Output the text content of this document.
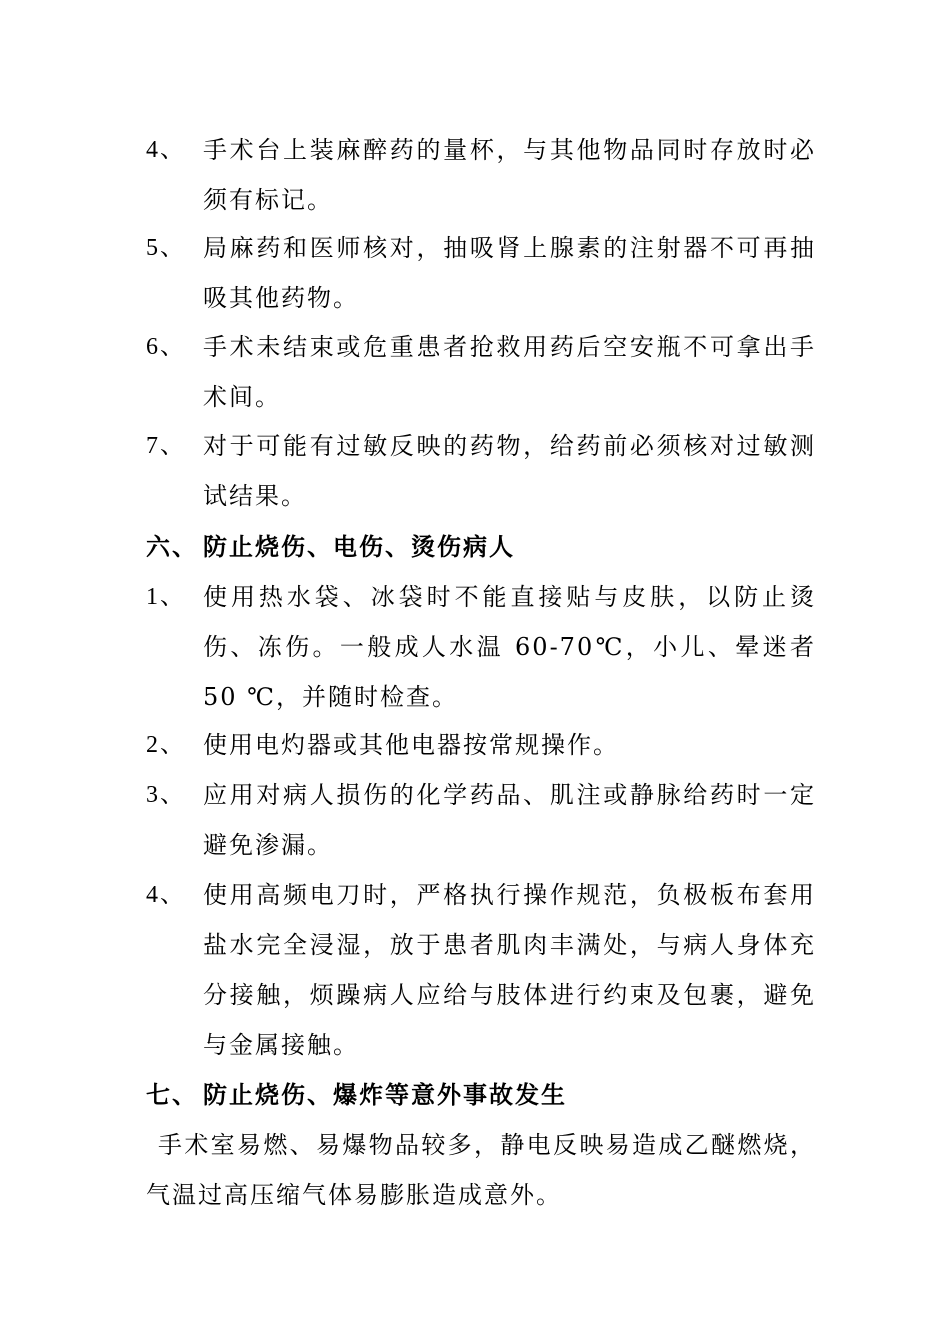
4、 手术台上装麻醉药的量杯，与其他物品同时存放时必须有标记。
5、 局麻药和医师核对，抽吸肾上腺素的注射器不可再抽吸其他药物。
6、 手术未结束或危重患者抢救用药后空安瓶不可拿出手术间。
7、 对于可能有过敏反映的药物，给药前必须核对过敏测试结果。
六、 防止烧伤、电伤、烫伤病人
1、 使用热水袋、冰袋时不能直接贴与皮肤，以防止烫伤、冻伤。一般成人水温 60-70℃，小儿、晕迷者 50 ℃，并随时检查。
2、 使用电灼器或其他电器按常规操作。
3、 应用对病人损伤的化学药品、肌注或静脉给药时一定避免渗漏。
4、 使用高频电刀时，严格执行操作规范，负极板布套用盐水完全浸湿，放于患者肌肉丰满处，与病人身体充分接触，烦躁病人应给与肢体进行约束及包裹，避免与金属接触。
七、 防止烧伤、爆炸等意外事故发生
手术室易燃、易爆物品较多，静电反映易造成乙醚燃烧，气温过高压缩气体易膨胀造成意外。
